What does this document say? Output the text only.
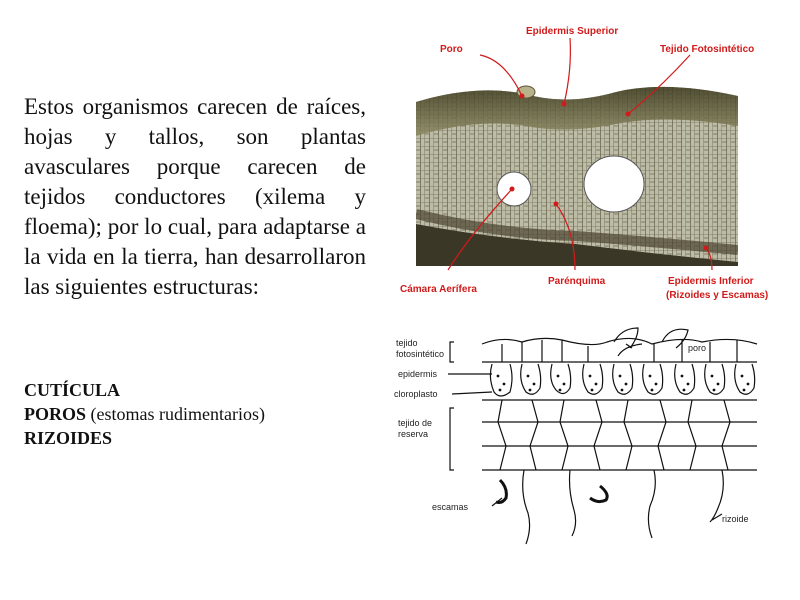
Estos organismos carecen de raíces, hojas y tallos, son plantas avasculares porque carecen de tejidos conductores (xilema y floema); por lo cual, para adaptarse a la vida en la tierra, han desarrollaron las siguientes estructuras:

CUTÍCULA
POROS (estomas rudimentarios)
RIZOIDES
Poro
Epidermis Superior
Tejido Fotosintético
Cámara Aerífera
Parénquima	Epidermis Inferior
(Rizoides y Escamas)
tejido
fotosintético
poro
epidermis
cloroplasto
tejido de
reserva
escamas
rizoide
